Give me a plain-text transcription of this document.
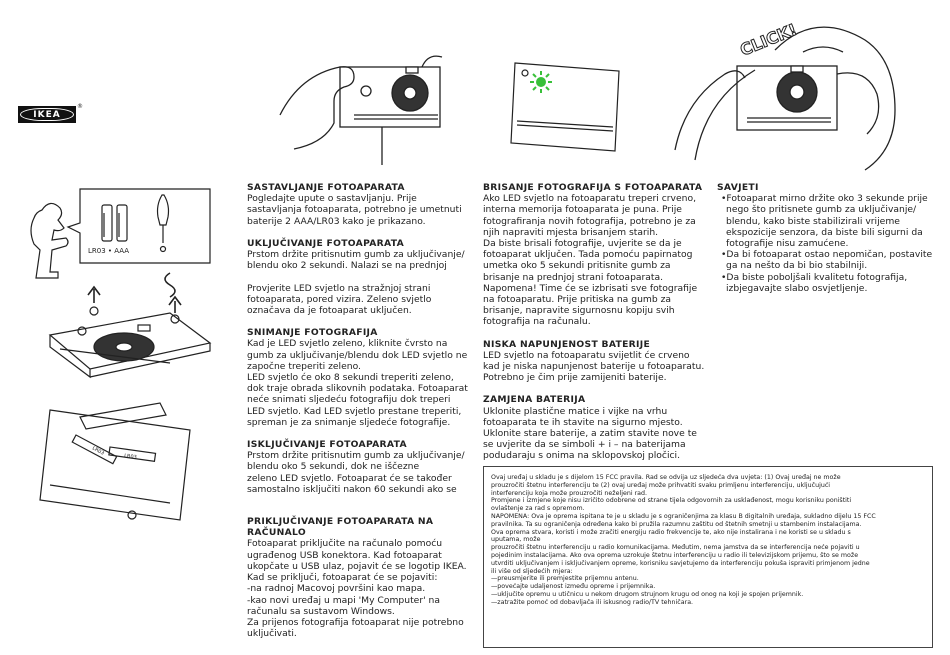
IKEA
®
LR03 • AAA
LR03
LR03
CLICK!
SASTAVLJANJE FOTOAPARATA

Pogledajte upute o sastavljanju. Prije
sastavljanja fotoaparata, potrebno je umetnuti
baterije 2 AAA/LR03 kako je prikazano.

UKLJUČIVANJE FOTOAPARATA

Prstom držite pritisnutim gumb za uključivanje/
blendu oko 2 sekundi. Nalazi se na prednjoj

Provjerite LED svjetlo na stražnjoj strani
fotoaparata, pored vizira. Zeleno svjetlo
označava da je fotoaparat uključen.

SNIMANJE FOTOGRAFIJA

Kad je LED svjetlo zeleno, kliknite čvrsto na
gumb za uključivanje/blendu dok LED svjetlo ne
započne treperiti zeleno.
LED svjetlo će oko 8 sekundi treperiti zeleno,
dok traje obrada slikovnih podataka. Fotoaparat
neće snimati sljedeću fotografiju dok treperi
LED svjetlo. Kad LED svjetlo prestane treperiti,
spreman je za snimanje sljedeće fotografije.

ISKLJUČIVANJE FOTOAPARATA

Prstom držite pritisnutim gumb za uključivanje/
blendu oko 5 sekundi, dok ne iščezne
zeleno LED svjetlo. Fotoaparat će se također
samostalno isključiti nakon 60 sekundi ako se

PRIKLJUČIVANJE FOTOAPARATA NA
RAČUNALO

Fotoaparat priključite na računalo pomoću
ugrađenog USB konektora. Kad fotoaparat
ukopčate u USB ulaz, pojavit će se logotip IKEA.
Kad se priključi, fotoaparat će se pojaviti:
-na radnoj Macovoj površini kao mapa.
-kao novi uređaj u mapi 'My Computer' na
računalu sa sustavom Windows.
Za prijenos fotografija fotoaparat nije potrebno
uključivati.

BRISANJE FOTOGRAFIJA S FOTOAPARATA

Ako LED svjetlo na fotoaparatu treperi crveno,
interna memorija fotoaparata je puna. Prije
fotografiranja novih fotografija, potrebno je za
njih napraviti mjesta brisanjem starih.
Da biste brisali fotografije, uvjerite se da je
fotoaparat uključen. Tada pomoću papirnatog
umetka oko 5 sekundi pritisnite gumb za
brisanje na prednjoj strani fotoaparata.
Napomena! Time će se izbrisati sve fotografije
na fotoaparatu. Prije pritiska na gumb za
brisanje, napravite sigurnosnu kopiju svih
fotografija na računalu.

NISKA NAPUNJENOST BATERIJE

LED svjetlo na fotoaparatu svijetlit će crveno
kad je niska napunjenost baterije u fotoaparatu.
Potrebno je čim prije zamijeniti baterije.

ZAMJENA BATERIJA

Uklonite plastične matice i vijke na vrhu
fotoaparata te ih stavite na sigurno mjesto.
Uklonite stare baterije, a zatim stavite nove te
se uvjerite da se simboli + i – na baterijama
podudaraju s onima na sklopovskoj pločici.

SAVJETI
•Fotoaparat mirno držite oko 3 sekunde prije
nego što pritisnete gumb za uključivanje/
blendu, kako biste stabilizirali vrijeme
ekspozicije senzora, da biste bili sigurni da
fotografije nisu zamućene.
•Da bi fotoaparat ostao nepomičan, postavite
ga na nešto da bi bio stabilniji.
•Da biste poboljšali kvalitetu fotografija,
izbjegavajte slabo osvjetljenje.

Ovaj uređaj u skladu je s dijelom 15 FCC pravila. Rad se odvija uz sljedeća dva uvjeta: (1) Ovaj uređaj ne može
prouzročiti štetnu interferenciju te (2) ovaj uređaj može prihvatiti svaku primljenu interferenciju, uključujući
interferenciju koja može prouzročiti neželjeni rad.
Promjene i izmjene koje nisu izričito odobrene od strane tijela odgovornih za usklađenost, mogu korisniku poništiti
ovlaštenje za rad s opremom.
NAPOMENA: Ova je oprema ispitana te je u skladu je s ograničenjima za klasu B digitalnih uređaja, sukladno dijelu 15 FCC
pravilnika. Ta su ograničenja određena kako bi pružila razumnu zaštitu od štetnih smetnji u stambenim instalacijama.
Ova oprema stvara, koristi i može zračiti energiju radio frekvencije te, ako nije instalirana i ne koristi se u skladu s
uputama, može
prouzročiti štetnu interferenciju u radio komunikacijama. Međutim, nema jamstva da se interferencija neće pojaviti u
pojedinim instalacijama. Ako ova oprema uzrokuje štetnu interferenciju u radio ili televizijskom prijemu, što se može
utvrditi uključivanjem i isključivanjem opreme, korisniku savjetujemo da interferenciju pokuša ispraviti primjenom jedne
ili više od sljedećih mjera:
—preusmjerite ili premjestite prijemnu antenu.
—povećajte udaljenost između opreme i prijemnika.
—uključite opremu u utičnicu u nekom drugom strujnom krugu od onog na koji je spojen prijemnik.
—zatražite pomoć od dobavljača ili iskusnog radio/TV tehničara.
